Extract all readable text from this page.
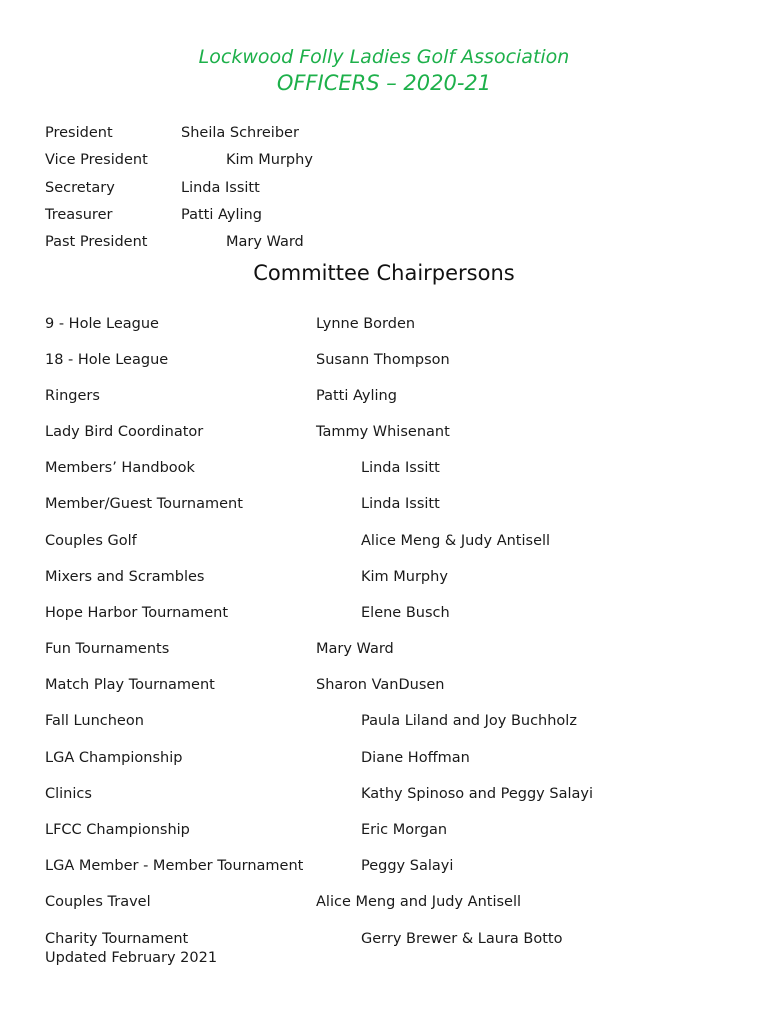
Lockwood Folly Ladies Golf Association
OFFICERS – 2020-21
President	Sheila Schreiber
Vice President	Kim Murphy
Secretary	Linda Issitt
Treasurer	Patti Ayling
Past President	Mary Ward
Committee Chairpersons
9 - Hole League	Lynne Borden
18 - Hole League	Susann Thompson
Ringers	Patti Ayling
Lady Bird Coordinator	Tammy Whisenant
Members’ Handbook	Linda Issitt
Member/Guest Tournament	Linda Issitt
Couples Golf	Alice Meng & Judy Antisell
Mixers and Scrambles	Kim Murphy
Hope Harbor Tournament	Elene Busch
Fun Tournaments	Mary Ward
Match Play Tournament	Sharon VanDusen
Fall Luncheon	Paula Liland and Joy Buchholz
LGA Championship	Diane Hoffman
Clinics	Kathy Spinoso and Peggy Salayi
LFCC Championship	Eric Morgan
LGA Member - Member Tournament	Peggy Salayi
Couples Travel	Alice Meng and Judy Antisell
Charity Tournament	Gerry Brewer & Laura Botto
Updated February 2021
